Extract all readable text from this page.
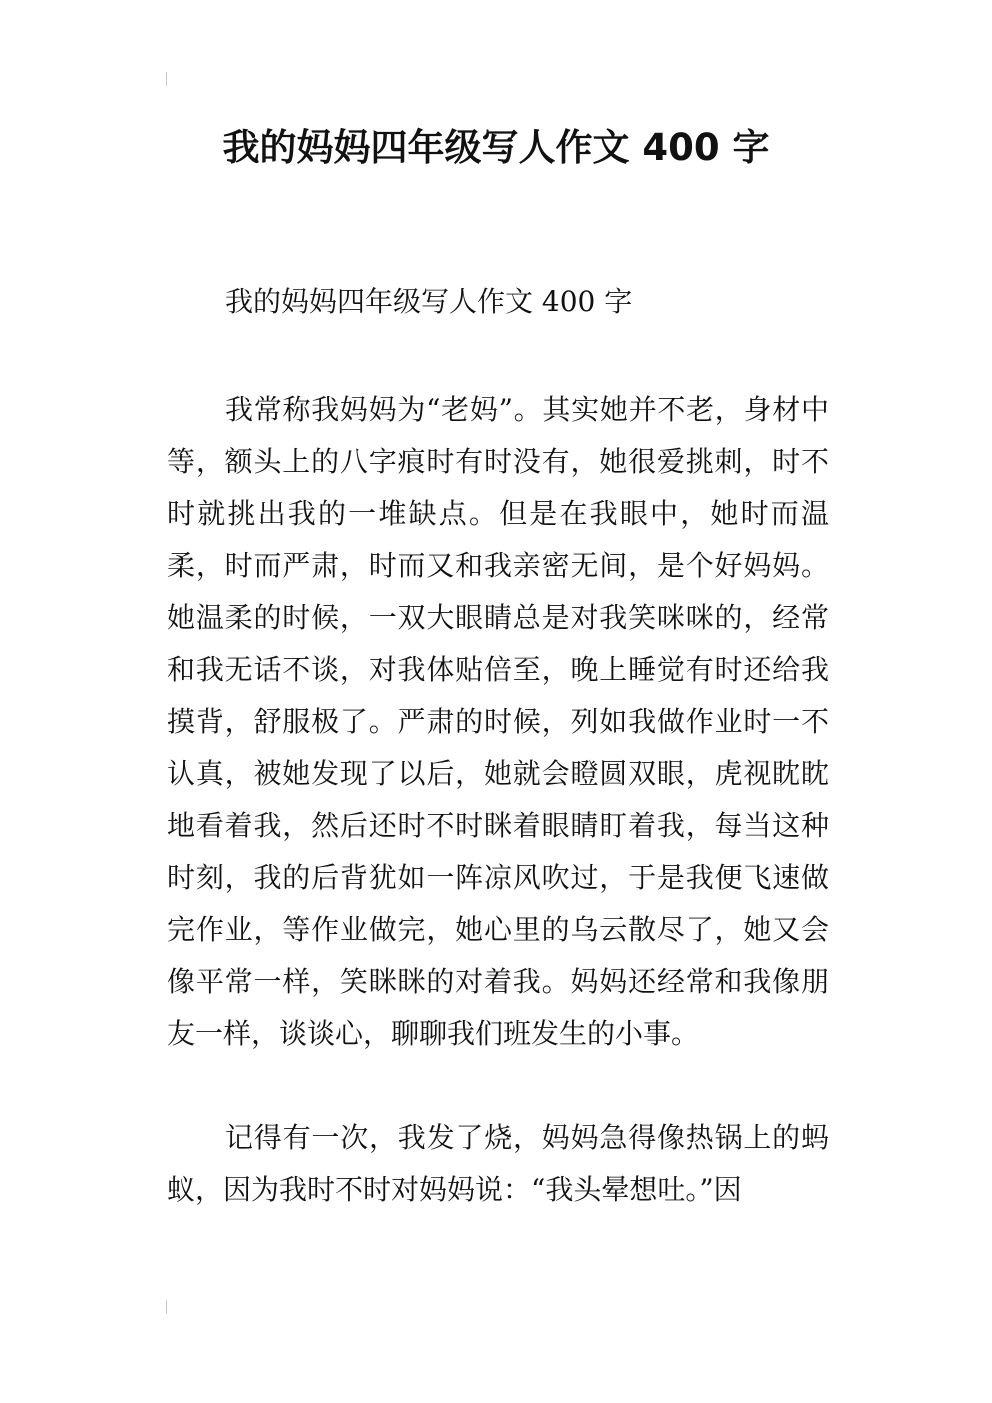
我的妈妈四年级写人作文 400 字

我的妈妈四年级写人作文 400 字

我常称我妈妈为“老妈”。其实她并不老，身材中等，额头上的八字痕时有时没有，她很爱挑刺，时不时就挑出我的一堆缺点。但是在我眼中，她时而温柔，时而严肃，时而又和我亲密无间，是个好妈妈。她温柔的时候，一双大眼睛总是对我笑咪咪的，经常和我无话不谈，对我体贴倍至，晚上睡觉有时还给我摸背，舒服极了。严肃的时候，列如我做作业时一不认真，被她发现了以后，她就会瞪圆双眼，虎视眈眈地看着我，然后还时不时眯着眼睛盯着我，每当这种时刻，我的后背犹如一阵凉风吹过，于是我便飞速做完作业，等作业做完，她心里的乌云散尽了，她又会像平常一样，笑眯眯的对着我。妈妈还经常和我像朋友一样，谈谈心，聊聊我们班发生的小事。

记得有一次，我发了烧，妈妈急得像热锅上的蚂蚁，因为我时不时对妈妈说：“我头晕想吐。”因
